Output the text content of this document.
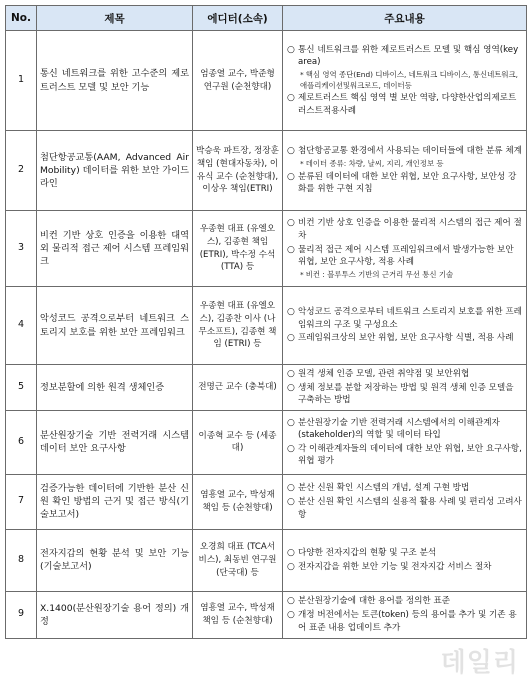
No.	제목	에디터(소속)	주요내용
1	통신 네트워크를 위한 고수준의 제로트러스트 모델 및 보안 기능	엄종열 교수, 박준형 연구원 (순천향대)	○ 통신 네트워크를 위한 제로트러스트 모델 및 핵심 영역(key area)
* 핵심 영역 종단(End) 디바이스, 네트워크 디바이스, 통신네트워크, 애플리케이션및워크로드, 데이터등
○ 제로트러스트 핵심 영역 별 보안 역량, 다양한산업의제로트러스트적용사례

2	첨단항공교통(AAM, Advanced Air Mobility) 데이터를 위한 보안 가이드라인	박승욱 파트장, 정장훈 책임 (현대자동차), 이유식 교수 (순천향대), 이상우 책임(ETRI)	○ 첨단항공교통 환경에서 사용되는 데이터들에 대한 분류 체계
* 데이터 종류: 차량, 날씨, 지리, 개인정보 등
○ 분류된 데이터에 대한 보안 위협, 보안 요구사항, 보안성 강화를 위한 구현 지침

3	비컨 기반 상호 인증을 이용한 대역 외 물리적 접근 제어 시스템 프레임워크	우종현 대표 (유엘오스), 김종현 책임 (ETRI), 박수정 수석(TTA) 등	○ 비컨 기반 상호 인증을 이용한 물리적 시스템의 접근 제어 절차
○ 물리적 접근 제어 시스템 프레임워크에서 발생가능한 보안 위협, 보안 요구사항, 적용 사례
* 비컨 : 블루투스 기반의 근거리 무선 통신 기술

4	악성코드 공격으로부터 네트워크 스토리지 보호를 위한 보안 프레임워크	우종현 대표 (유엘오스), 김종찬 이사 (나무소프트), 김종현 책임 (ETRI) 등	○ 악성코드 공격으로부터 네트워크 스토리지 보호를 위한 프레임워크의 구조 및 구성요소
○ 프레임워크상의 보안 위협, 보안 요구사항 식별, 적용 사례

5	정보분할에 의한 원격 생체인증	전명근 교수 (충북대)	○ 원격 생체 인증 모델, 관련 취약점 및 보안위협
○ 생체 정보를 분할 저장하는 방법 및 원격 생체 인증 모델을 구축하는 방법

6	분산원장기술 기반 전력거래 시스템 데이터 보안 요구사항	이종혁 교수 등 (세종대)	○ 분산원장기술 기반 전력거래 시스템에서의 이해관계자(stakeholder)의 역할 및 데이터 타입
○ 각 이해관계자들의 데이터에 대한 보안 위협, 보안 요구사항, 위협 평가

7	검증가능한 데이터에 기반한 분산 신원 확인 방법의 근거 및 접근 방식(기술보고서)	염흥열 교수, 박성재 책임 등 (순천향대)	○ 분산 신원 확인 시스템의 개념, 설계 구현 방법
○ 분산 신원 확인 시스템의 실용적 활용 사례 및 편리성 고려사항

8	전자지갑의 현황 분석 및 보안 기능(기술보고서)	오경희 대표 (TCA서비스), 최동빈 연구원 (단국대) 등	○ 다양한 전자지갑의 현황 및 구조 분석
○ 전자지갑을 위한 보안 기능 및 전자지갑 서비스 절차

9	X.1400(분산원장기술 용어 정의) 개정	염흥열 교수, 박성재 책임 등 (순천향대)	○ 분산원장기술에 대한 용어를 정의한 표준
○ 개정 버전에서는 토큰(token) 등의 용어를 추가 및 기존 용어 표준 내용 업데이트 추가
데일리
